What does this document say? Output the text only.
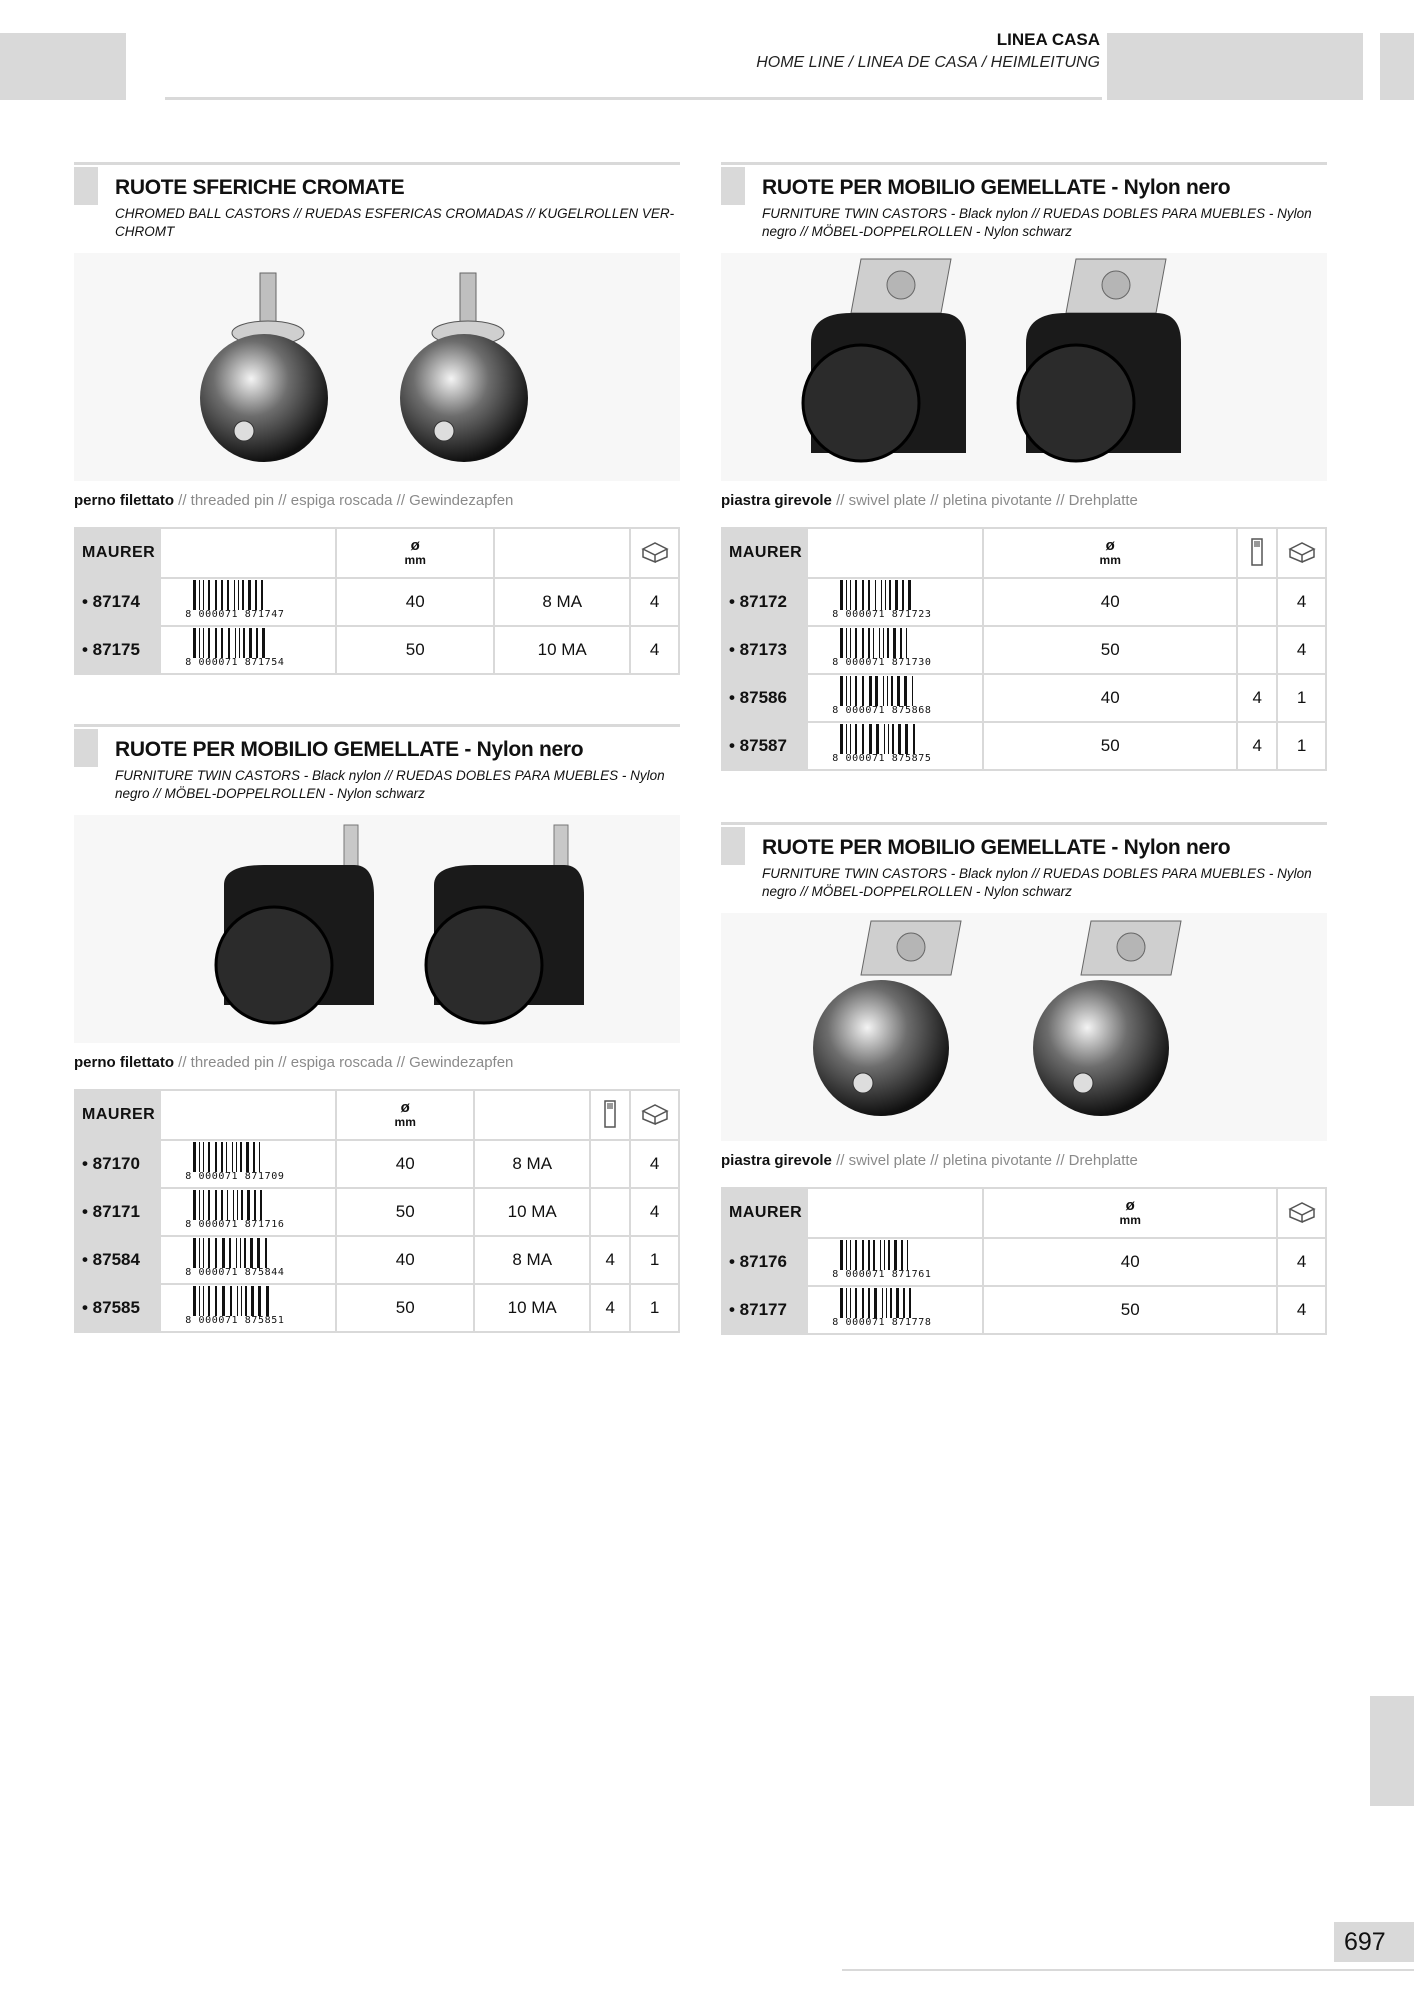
LINEA CASA
HOME LINE / LINEA DE CASA / HEIMLEITUNG
RUOTE SFERICHE CROMATE
CHROMED BALL CASTORS // RUEDAS ESFERICAS CROMADAS // KUGELROLLEN VER-CHROMT
perno filettato // threaded pin // espiga roscada // Gewindezapfen
MAURER		ø
mm		
• 87174	8 000071 871747	40	8 MA	4
• 87175	8 000071 871754	50	10 MA	4
RUOTE PER MOBILIO GEMELLATE - Nylon nero
FURNITURE TWIN CASTORS - Black nylon // RUEDAS DOBLES PARA MUEBLES - Nylon negro // MÖBEL-DOPPELROLLEN - Nylon schwarz
perno filettato // threaded pin // espiga roscada // Gewindezapfen
MAURER		ø
mm			
• 87170	8 000071 871709	40	8 MA		4
• 87171	8 000071 871716	50	10 MA		4
• 87584	8 000071 875844	40	8 MA	4	1
• 87585	8 000071 875851	50	10 MA	4	1
RUOTE PER MOBILIO GEMELLATE - Nylon nero
FURNITURE TWIN CASTORS - Black nylon // RUEDAS DOBLES PARA MUEBLES - Nylon negro // MÖBEL-DOPPELROLLEN - Nylon schwarz
piastra girevole // swivel plate // pletina pivotante // Drehplatte
MAURER		ø
mm		
• 87172	8 000071 871723	40		4
• 87173	8 000071 871730	50		4
• 87586	8 000071 875868	40	4	1
• 87587	8 000071 875875	50	4	1
RUOTE PER MOBILIO GEMELLATE - Nylon nero
FURNITURE TWIN CASTORS - Black nylon // RUEDAS DOBLES PARA MUEBLES - Nylon negro // MÖBEL-DOPPELROLLEN - Nylon schwarz
piastra girevole // swivel plate // pletina pivotante // Drehplatte
MAURER		ø
mm	
• 87176	8 000071 871761	40	4
• 87177	8 000071 871778	50	4
697
